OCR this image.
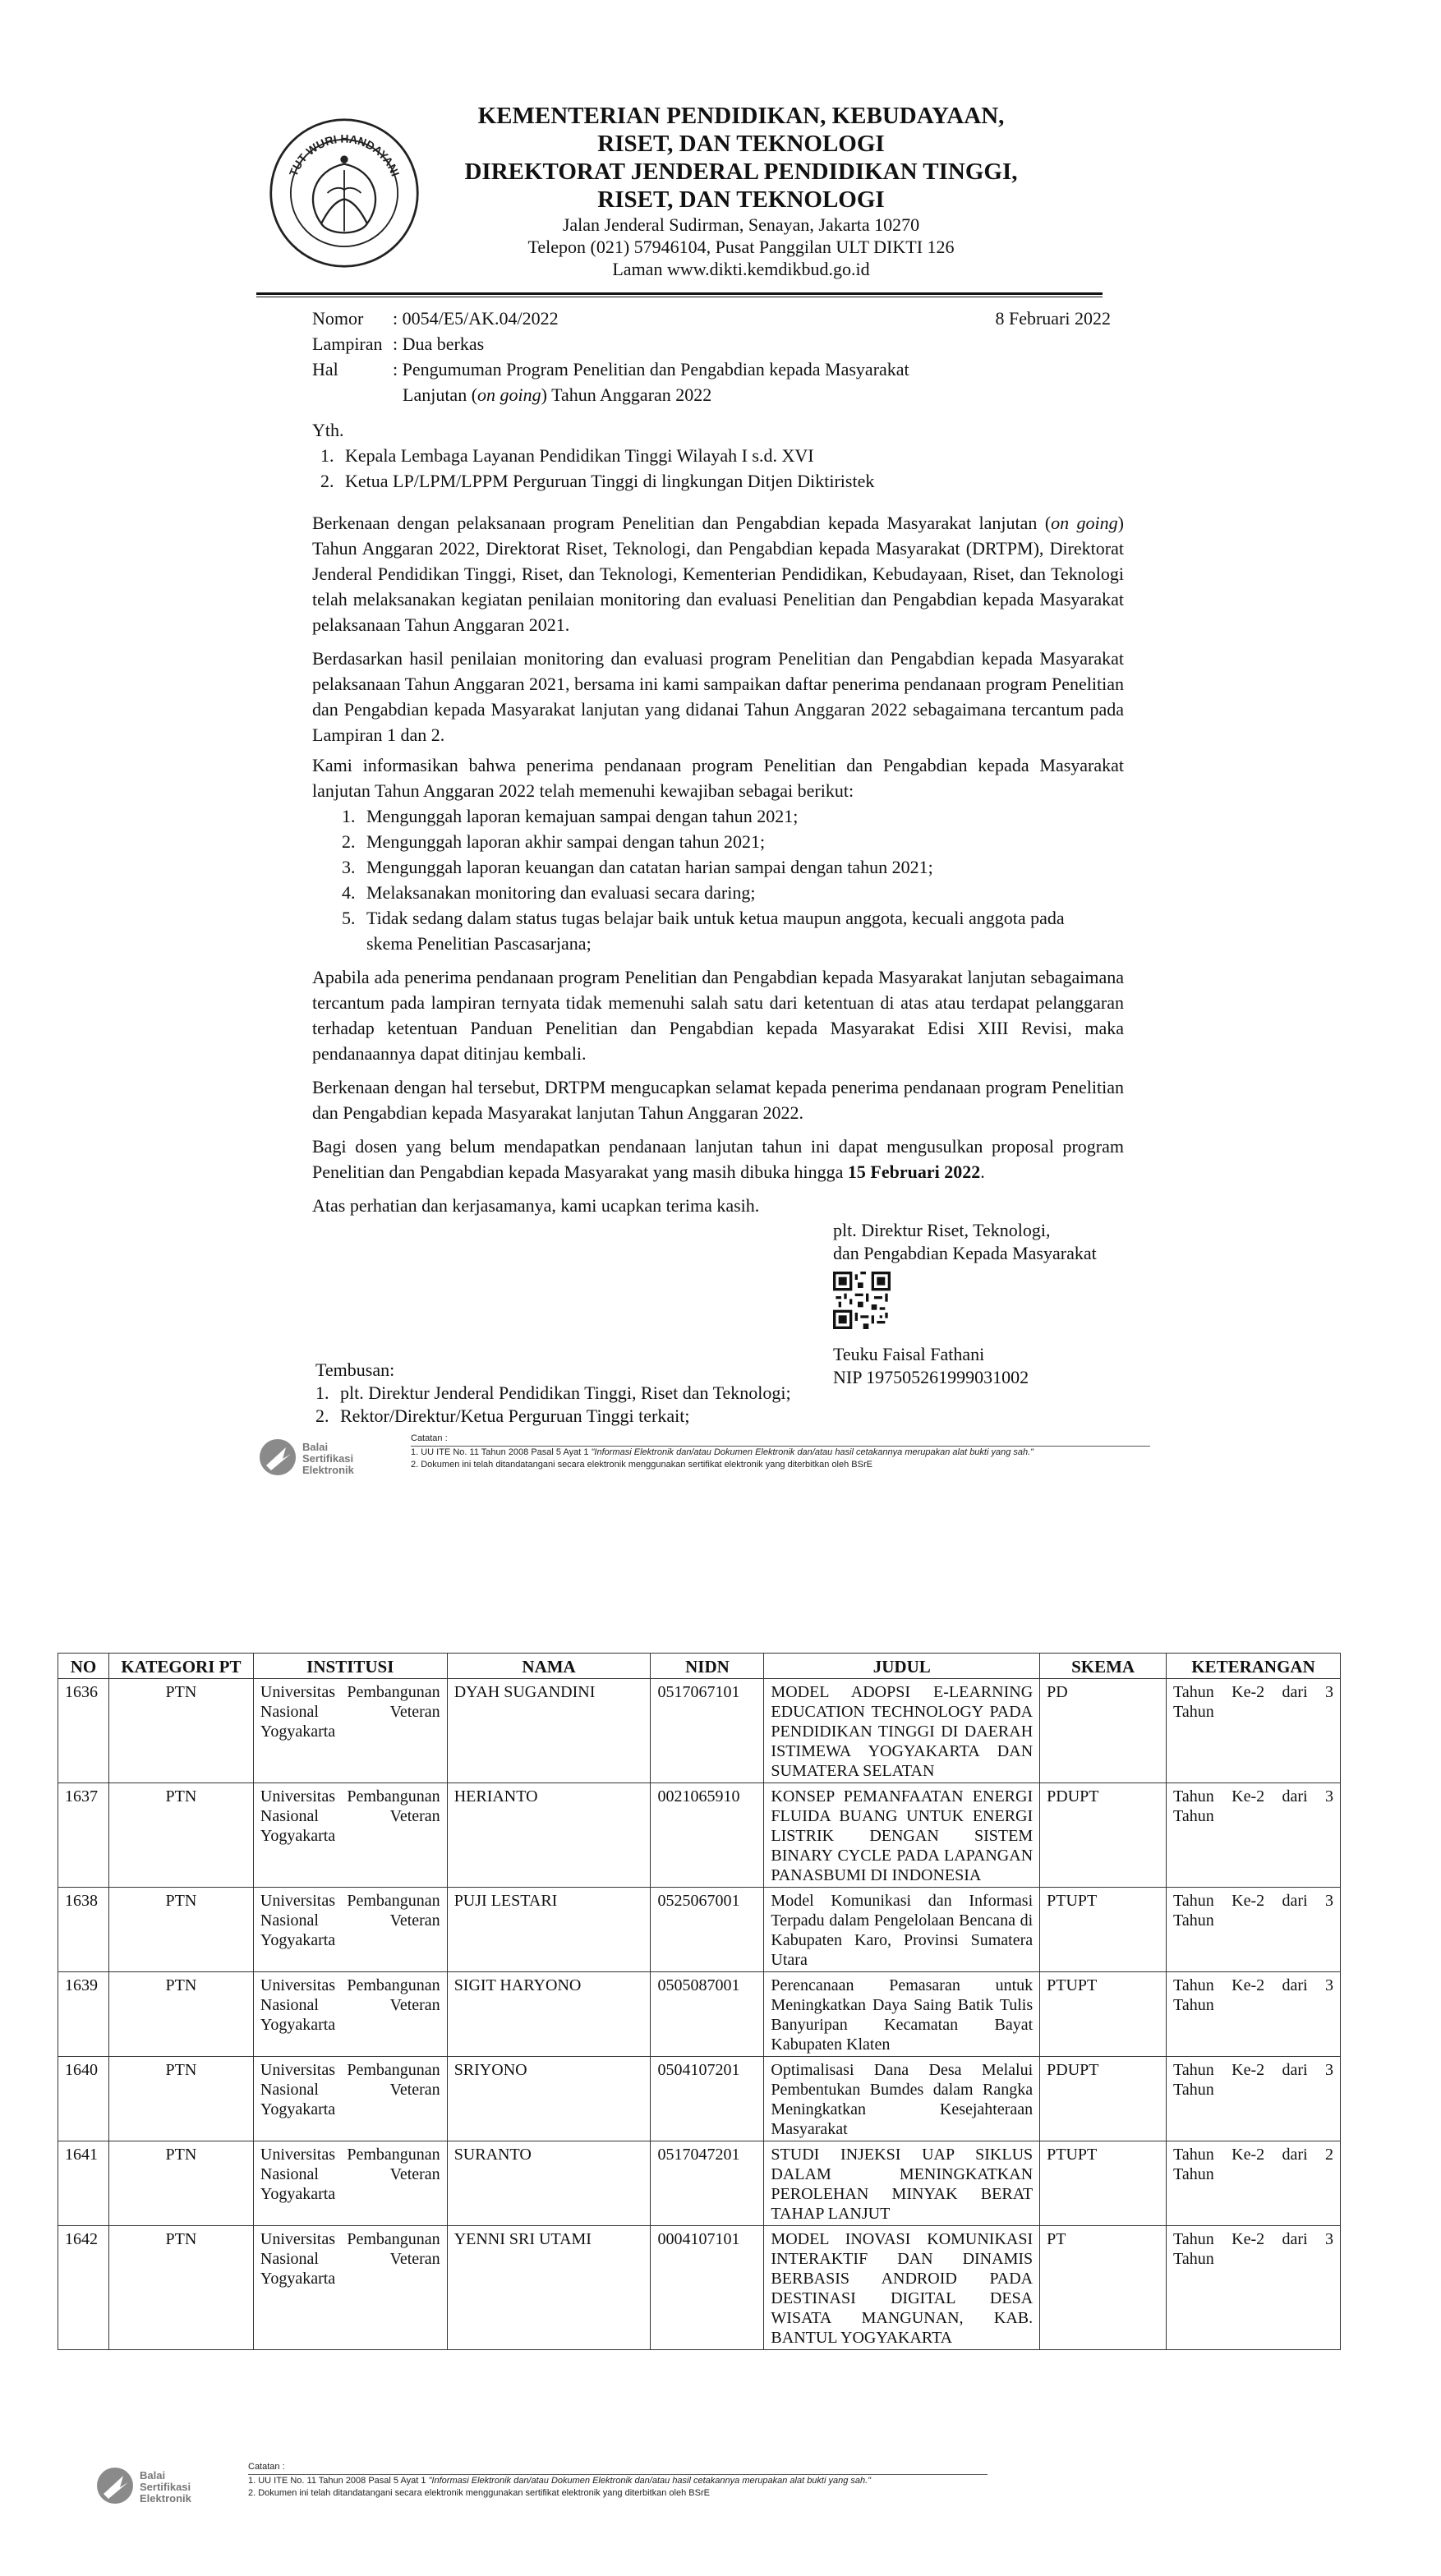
TUT WURI HANDAYANI
KEMENTERIAN PENDIDIKAN, KEBUDAYAAN,
RISET, DAN TEKNOLOGI
DIREKTORAT JENDERAL PENDIDIKAN TINGGI,
RISET, DAN TEKNOLOGI
Jalan Jenderal Sudirman, Senayan, Jakarta 10270
Telepon (021) 57946104, Pusat Panggilan ULT DIKTI 126
Laman www.dikti.kemdikbud.go.id
8 Februari 2022
Nomor	: 0054/E5/AK.04/2022
Lampiran : Dua berkas
Hal	: Pengumuman Program Penelitian dan Pengabdian kepada Masyarakat
Lanjutan (on going) Tahun Anggaran 2022
Yth.
1. Kepala Lembaga Layanan Pendidikan Tinggi Wilayah I s.d. XVI
2. Ketua LP/LPM/LPPM Perguruan Tinggi di lingkungan Ditjen Diktiristek

Berkenaan dengan pelaksanaan program Penelitian dan Pengabdian kepada Masyarakat lanjutan (on going) Tahun Anggaran 2022, Direktorat Riset, Teknologi, dan Pengabdian kepada Masyarakat (DRTPM), Direktorat Jenderal Pendidikan Tinggi, Riset, dan Teknologi, Kementerian Pendidikan, Kebudayaan, Riset, dan Teknologi telah melaksanakan kegiatan penilaian monitoring dan evaluasi Penelitian dan Pengabdian kepada Masyarakat pelaksanaan Tahun Anggaran 2021.

Berdasarkan hasil penilaian monitoring dan evaluasi program Penelitian dan Pengabdian kepada Masyarakat pelaksanaan Tahun Anggaran 2021, bersama ini kami sampaikan daftar penerima pendanaan program Penelitian dan Pengabdian kepada Masyarakat lanjutan yang didanai Tahun Anggaran 2022 sebagaimana tercantum pada Lampiran 1 dan 2.

Kami informasikan bahwa penerima pendanaan program Penelitian dan Pengabdian kepada Masyarakat lanjutan Tahun Anggaran 2022 telah memenuhi kewajiban sebagai berikut:

1. Mengunggah laporan kemajuan sampai dengan tahun 2021;
2. Mengunggah laporan akhir sampai dengan tahun 2021;
3. Mengunggah laporan keuangan dan catatan harian sampai dengan tahun 2021;
4. Melaksanakan monitoring dan evaluasi secara daring;
5. Tidak sedang dalam status tugas belajar baik untuk ketua maupun anggota, kecuali anggota pada skema Penelitian Pascasarjana;

Apabila ada penerima pendanaan program Penelitian dan Pengabdian kepada Masyarakat lanjutan sebagaimana tercantum pada lampiran ternyata tidak memenuhi salah satu dari ketentuan di atas atau terdapat pelanggaran terhadap ketentuan Panduan Penelitian dan Pengabdian kepada Masyarakat Edisi XIII Revisi, maka pendanaannya dapat ditinjau kembali.

Berkenaan dengan hal tersebut, DRTPM mengucapkan selamat kepada penerima pendanaan program Penelitian dan Pengabdian kepada Masyarakat lanjutan Tahun Anggaran 2022.

Bagi dosen yang belum mendapatkan pendanaan lanjutan tahun ini dapat mengusulkan proposal program Penelitian dan Pengabdian kepada Masyarakat yang masih dibuka hingga 15 Februari 2022.

Atas perhatian dan kerjasamanya, kami ucapkan terima kasih.

plt. Direktur Riset, Teknologi,
dan Pengabdian Kepada Masyarakat
Teuku Faisal Fathani
NIP 197505261999031002
Tembusan:
1. plt. Direktur Jenderal Pendidikan Tinggi, Riset dan Teknologi;
2. Rektor/Direktur/Ketua Perguruan Tinggi terkait;
Balai
Sertifikasi
Elektronik
Catatan :
1. UU ITE No. 11 Tahun 2008 Pasal 5 Ayat 1 "Informasi Elektronik dan/atau Dokumen Elektronik dan/atau hasil cetakannya merupakan alat bukti yang sah."
2. Dokumen ini telah ditandatangani secara elektronik menggunakan sertifikat elektronik yang diterbitkan oleh BSrE
NO	KATEGORI PT	INSTITUSI	NAMA	NIDN	JUDUL	SKEMA	KETERANGAN
1636	PTN	Universitas Pembangunan Nasional Veteran Yogyakarta	DYAH SUGANDINI	0517067101	MODEL ADOPSI E-LEARNING EDUCATION TECHNOLOGY PADA PENDIDIKAN TINGGI DI DAERAH ISTIMEWA YOGYAKARTA DAN SUMATERA SELATAN	PD	Tahun Ke-2 dari 3 Tahun
1637	PTN	Universitas Pembangunan Nasional Veteran Yogyakarta	HERIANTO	0021065910	KONSEP PEMANFAATAN ENERGI FLUIDA BUANG UNTUK ENERGI LISTRIK DENGAN SISTEM BINARY CYCLE PADA LAPANGAN PANASBUMI DI INDONESIA	PDUPT	Tahun Ke-2 dari 3 Tahun
1638	PTN	Universitas Pembangunan Nasional Veteran Yogyakarta	PUJI LESTARI	0525067001	Model Komunikasi dan Informasi Terpadu dalam Pengelolaan Bencana di Kabupaten Karo, Provinsi Sumatera Utara	PTUPT	Tahun Ke-2 dari 3 Tahun
1639	PTN	Universitas Pembangunan Nasional Veteran Yogyakarta	SIGIT HARYONO	0505087001	Perencanaan Pemasaran untuk Meningkatkan Daya Saing Batik Tulis Banyuripan Kecamatan Bayat Kabupaten Klaten	PTUPT	Tahun Ke-2 dari 3 Tahun
1640	PTN	Universitas Pembangunan Nasional Veteran Yogyakarta	SRIYONO	0504107201	Optimalisasi Dana Desa Melalui Pembentukan Bumdes dalam Rangka Meningkatkan Kesejahteraan Masyarakat	PDUPT	Tahun Ke-2 dari 3 Tahun
1641	PTN	Universitas Pembangunan Nasional Veteran Yogyakarta	SURANTO	0517047201	STUDI INJEKSI UAP SIKLUS DALAM MENINGKATKAN PEROLEHAN MINYAK BERAT TAHAP LANJUT	PTUPT	Tahun Ke-2 dari 2 Tahun
1642	PTN	Universitas Pembangunan Nasional Veteran Yogyakarta	YENNI SRI UTAMI	0004107101	MODEL INOVASI KOMUNIKASI INTERAKTIF DAN DINAMIS BERBASIS ANDROID PADA DESTINASI DIGITAL DESA WISATA MANGUNAN, KAB. BANTUL YOGYAKARTA	PT	Tahun Ke-2 dari 3 Tahun
Balai
Sertifikasi
Elektronik
Catatan :
1. UU ITE No. 11 Tahun 2008 Pasal 5 Ayat 1 "Informasi Elektronik dan/atau Dokumen Elektronik dan/atau hasil cetakannya merupakan alat bukti yang sah."
2. Dokumen ini telah ditandatangani secara elektronik menggunakan sertifikat elektronik yang diterbitkan oleh BSrE
